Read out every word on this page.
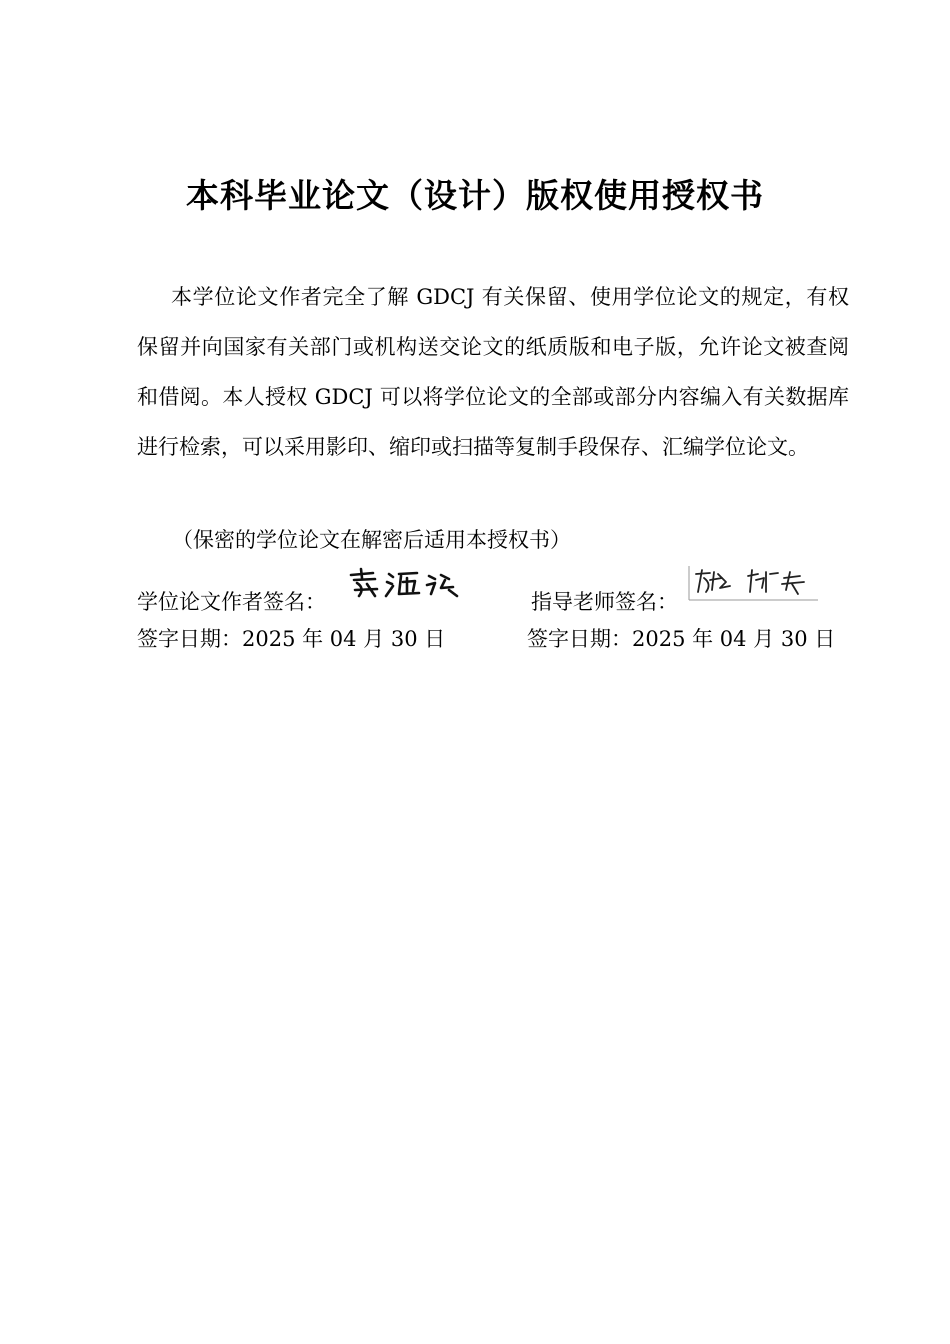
本科毕业论文（设计）版权使用授权书

本学位论文作者完全了解 GDCJ 有关保留、使用学位论文的规定，有权保留并向国家有关部门或机构送交论文的纸质版和电子版，允许论文被查阅和借阅。本人授权 GDCJ 可以将学位论文的全部或部分内容编入有关数据库进行检索，可以采用影印、缩印或扫描等复制手段保存、汇编学位论文。

（保密的学位论文在解密后适用本授权书）

学位论文作者签名：	指导老师签名：
签字日期：2025 年 04 月 30 日	签字日期：2025 年 04 月 30 日
